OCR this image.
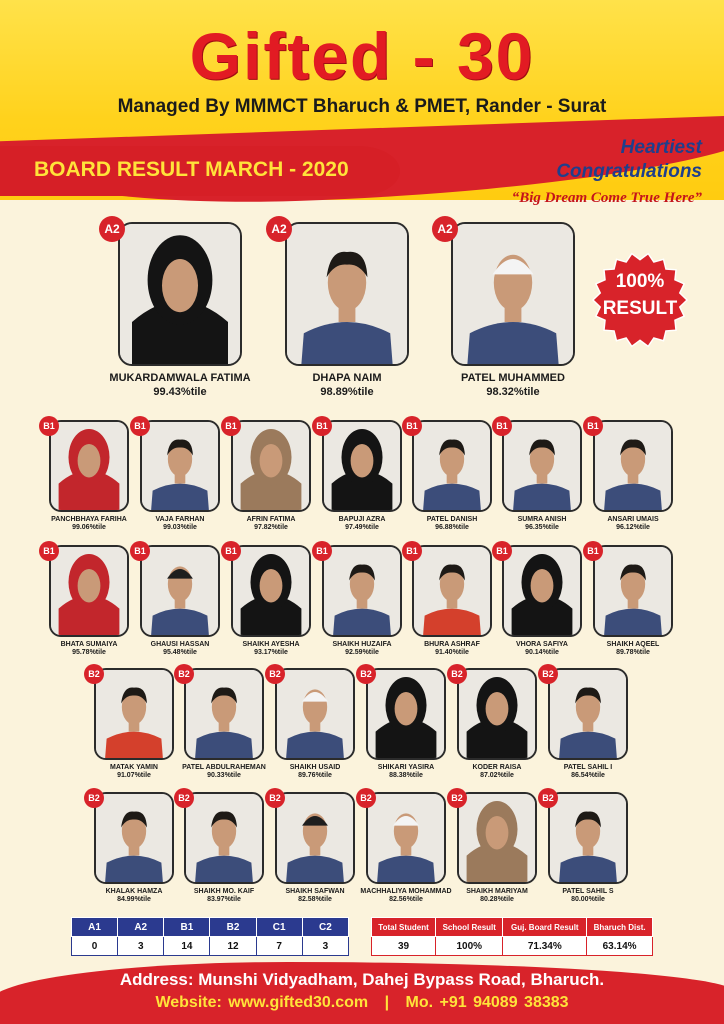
Gifted - 30
Managed By MMMCT Bharuch & PMET, Rander - Surat
BOARD RESULT MARCH - 2020
Heartiest
Congratulations
“Big Dream Come True Here”
100%
RESULT
A2
MUKARDAMWALA FATIMA
99.43%tile
A2
DHAPA NAIM
98.89%tile
A2
PATEL MUHAMMED
98.32%tile
B1
PANCHBHAYA FARIHA
99.06%tile
B1
VAJA FARHAN
99.03%tile
B1
AFRIN FATIMA
97.82%tile
B1
BAPUJI AZRA
97.49%tile
B1
PATEL DANISH
96.88%tile
B1
SUMRA ANISH
96.35%tile
B1
ANSARI UMAIS
96.12%tile
B1
BHATA SUMAIYA
95.78%tile
B1
GHAUSI HASSAN
95.48%tile
B1
SHAIKH AYESHA
93.17%tile
B1
SHAIKH HUZAIFA
92.59%tile
B1
BHURA ASHRAF
91.40%tile
B1
VHORA SAFIYA
90.14%tile
B1
SHAIKH AQEEL
89.78%tile
B2
MATAK YAMIN
91.07%tile
B2
PATEL ABDULRAHEMAN
90.33%tile
B2
SHAIKH USAID
89.76%tile
B2
SHIKARI YASIRA
88.38%tile
B2
KODER RAISA
87.02%tile
B2
PATEL SAHIL I
86.54%tile
B2
KHALAK HAMZA
84.99%tile
B2
SHAIKH MO. KAIF
83.97%tile
B2
SHAIKH SAFWAN
82.58%tile
B2
MACHHALIYA MOHAMMAD
82.56%tile
B2
SHAIKH MARIYAM
80.28%tile
B2
PATEL SAHIL S
80.00%tile
A1	A2	B1	B2	C1	C2
0	3	14	12	7	3
Total Student	School Result	Guj. Board Result	Bharuch Dist.
39	100%	71.34%	63.14%
Address: Munshi Vidyadham, Dahej Bypass Road, Bharuch.
Website: www.gifted30.com | Mo. +91 94089 38383
